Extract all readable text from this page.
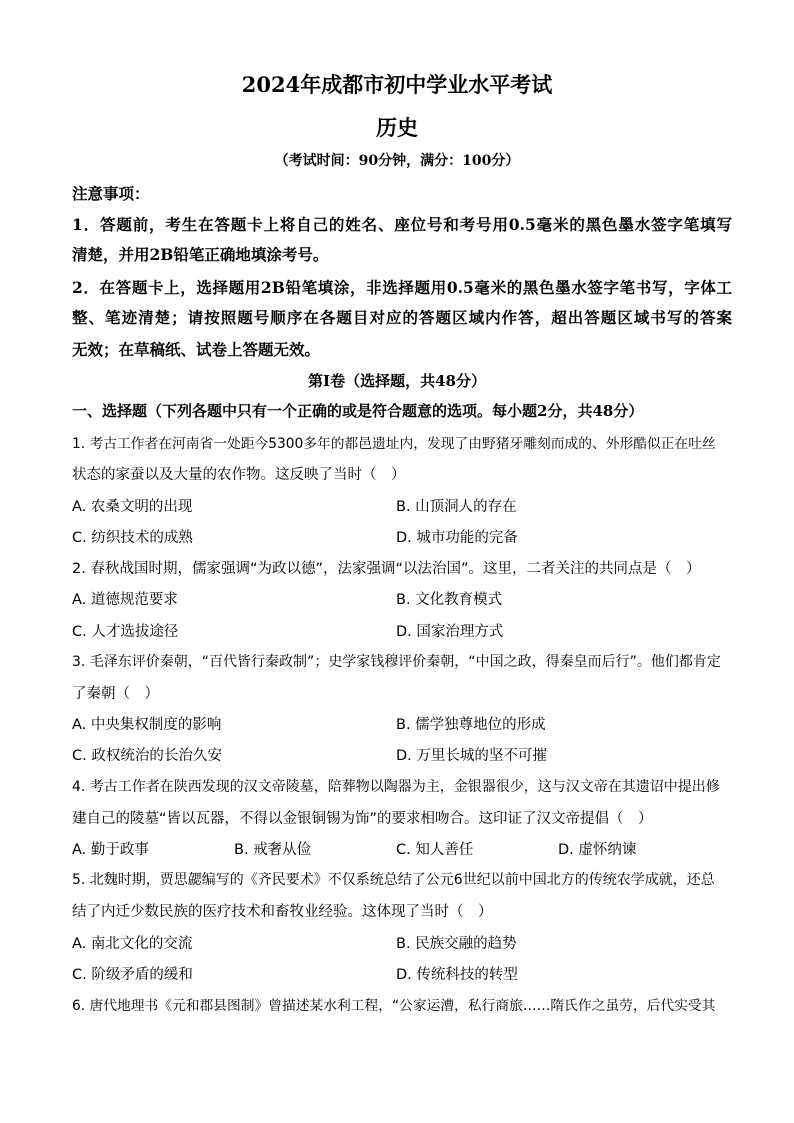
2024年成都市初中学业水平考试
历史
（考试时间：90分钟，满分：100分）
注意事项：
1．答题前，考生在答题卡上将自己的姓名、座位号和考号用0.5毫米的黑色墨水签字笔填写
清楚，并用2B铅笔正确地填涂考号。
2．在答题卡上，选择题用2B铅笔填涂，非选择题用0.5毫米的黑色墨水签字笔书写，字体工
整、笔迹清楚；请按照题号顺序在各题目对应的答题区域内作答，超出答题区域书写的答案
无效；在草稿纸、试卷上答题无效。
第Ⅰ卷（选择题，共48分）
一、选择题（下列各题中只有一个正确的或是符合题意的选项。每小题2分，共48分）
1. 考古工作者在河南省一处距今5300多年的都邑遗址内，发现了由野猪牙雕刻而成的、外形酷似正在吐丝
状态的家蚕以及大量的农作物。这反映了当时（　）
A. 农桑文明的出现	B. 山顶洞人的存在
C. 纺织技术的成熟	D. 城市功能的完备
2. 春秋战国时期，儒家强调“为政以德”，法家强调“以法治国”。这里，二者关注的共同点是（　）
A. 道德规范要求	B. 文化教育模式
C. 人才选拔途径	D. 国家治理方式
3. 毛泽东评价秦朝，“百代皆行秦政制”；史学家钱穆评价秦朝，“中国之政，得秦皇而后行”。他们都肯定
了秦朝（　）
A. 中央集权制度的影响	B. 儒学独尊地位的形成
C. 政权统治的长治久安	D. 万里长城的坚不可摧
4. 考古工作者在陕西发现的汉文帝陵墓，陪葬物以陶器为主，金银器很少，这与汉文帝在其遗诏中提出修
建自己的陵墓“皆以瓦器，不得以金银铜锡为饰”的要求相吻合。这印证了汉文帝提倡（　）
A. 勤于政事	B. 戒奢从俭	C. 知人善任	D. 虚怀纳谏
5. 北魏时期，贾思勰编写的《齐民要术》不仅系统总结了公元6世纪以前中国北方的传统农学成就，还总
结了内迁少数民族的医疗技术和畜牧业经验。这体现了当时（　）
A. 南北文化的交流	B. 民族交融的趋势
C. 阶级矛盾的缓和	D. 传统科技的转型
6. 唐代地理书《元和郡县图制》曾描述某水利工程，“公家运漕，私行商旅……隋氏作之虽劳，后代实受其
